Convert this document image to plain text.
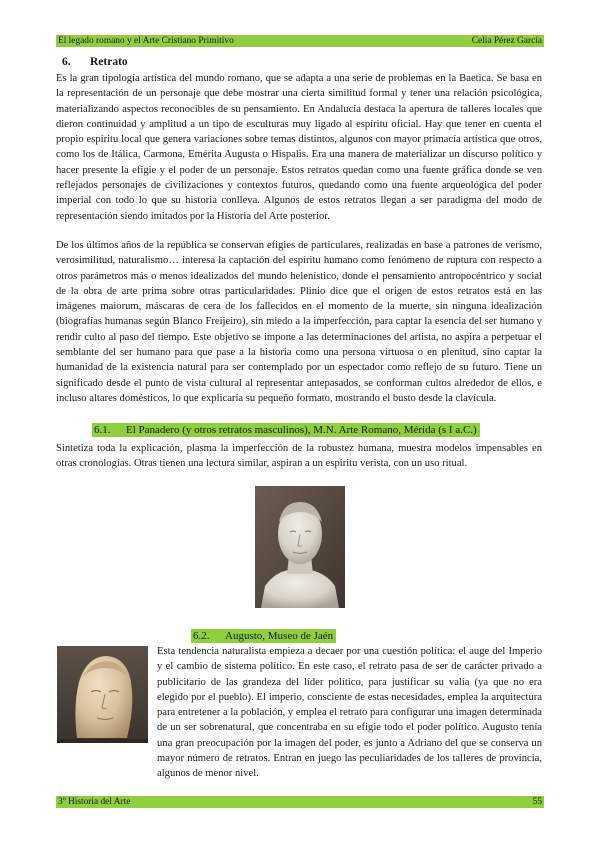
El legado romano y el Arte Cristiano Primitivo	Celia Pérez García
6. Retrato

Es la gran tipología artística del mundo romano, que se adapta a una serie de problemas en la Baetica. Se basa en la representación de un personaje que debe mostrar una cierta similitud formal y tener una relación psicológica, materializando aspectos reconocibles de su pensamiento. En Andalucía destaca la apertura de talleres locales que dieron continuidad y amplitud a un tipo de esculturas muy ligado al espíritu oficial. Hay que tener en cuenta el propio espíritu local que genera variaciones sobre temas distintos, algunos con mayor primacía artística que otros, como los de Itálica, Carmona, Emérita Augusta o Hispalis. Era una manera de materializar un discurso político y hacer presente la efigie y el poder de un personaje. Estos retratos quedan como una fuente gráfica donde se ven reflejados personajes de civilizaciones y contextos futuros, quedando como una fuente arqueológica del poder imperial con todo lo que su historia conlleva. Algunos de estos retratos llegan a ser paradigma del modo de representación siendo imitados por la Historia del Arte posterior.

De los últimos años de la república se conservan efigies de particulares, realizadas en base a patrones de verismo, verosimilitud, naturalismo… interesa la captación del espíritu humano como fenómeno de ruptura con respecto a otros parámetros más o menos idealizados del mundo helenístico, donde el pensamiento antropocéntrico y social de la obra de arte prima sobre otras particularidades. Plinio dice que el origen de estos retratos está en las imágenes maiorum, máscaras de cera de los fallecidos en el momento de la muerte, sin ninguna idealización (biografías humanas según Blanco Freijeiro), sin miedo a la imperfección, para captar la esencia del ser humano y rendir culto al paso del tiempo. Este objetivo se impone a las determinaciones del artista, no aspira a perpetuar el semblante del ser humano para que pase a la historia como una persona virtuosa o en plenitud, sino captar la humanidad de la existencia natural para ser contemplado por un espectador como reflejo de su futuro. Tiene un significado desde el punto de vista cultural al representar antepasados, se conforman cultos alrededor de ellos, e incluso altares domésticos, lo que explicaría su pequeño formato, mostrando el busto desde la clavícula.

6.1. El Panadero (y otros retratos masculinos), M.N. Arte Romano, Mérida (s I a.C.)

Sintetiza toda la explicación, plasma la imperfección de la robustez humana, muestra modelos impensables en otras cronologías. Otras tienen una lectura similar, aspiran a un espíritu verista, con un uso ritual.

6.2. Augusto, Museo de Jaén

Esta tendencia naturalista empieza a decaer por una cuestión política: el auge del Imperio y el cambio de sistema político. En este caso, el retrato pasa de ser de carácter privado a publicitario de las grandeza del líder político, para justificar su valía (ya que no era elegido por el pueblo). El imperio, consciente de estas necesidades, emplea la arquitectura para entretener a la población, y emplea el retrato para configurar una imagen determinada de un ser sobrenatural, que concentraba en su efigie todo el poder político. Augusto tenía una gran preocupación por la imagen del poder, es junto a Adriano del que se conserva un mayor número de retratos. Entran en juego las peculiaridades de los talleres de provincia, algunos de menor nivel.

3º Historia del Arte	55
